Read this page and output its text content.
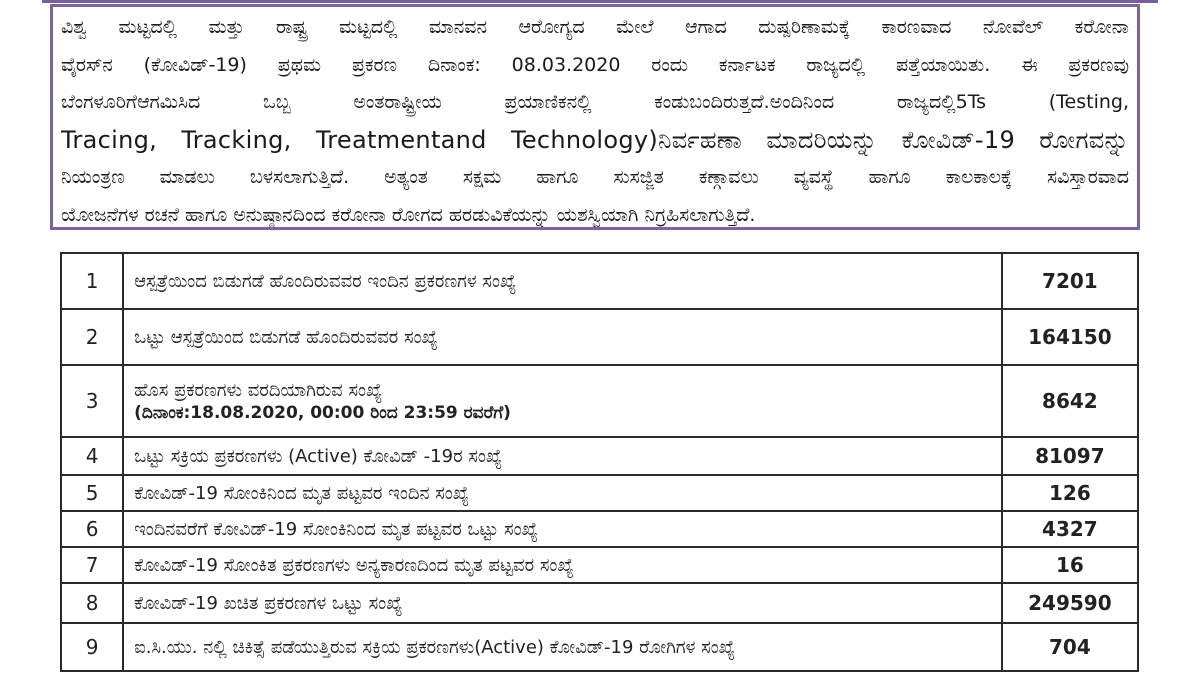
ವಿಶ್ವ ಮಟ್ಟದಲ್ಲಿ ಮತ್ತು ರಾಷ್ಟ್ರ ಮಟ್ಟದಲ್ಲಿ ಮಾನವನ ಆರೋಗ್ಯದ ಮೇಲೆ ಆಗಾದ ದುಷ್ಪರಿಣಾಮಕ್ಕೆ ಕಾರಣವಾದ ನೋವೆಲ್ ಕರೋನಾ
ವೈರಸ್‌ನ (ಕೋವಿಡ್-19) ಪ್ರಥಮ ಪ್ರಕರಣ ದಿನಾಂಕ: 08.03.2020 ರಂದು ಕರ್ನಾಟಕ ರಾಜ್ಯದಲ್ಲಿ ಪತ್ತೆಯಾಯಿತು. ಈ ಪ್ರಕರಣವು
ಬೆಂಗಳೂರಿಗೆಆಗಮಿಸಿದ ಒಬ್ಬ ಅಂತರಾಷ್ಟ್ರೀಯ ಪ್ರಯಾಣಿಕನಲ್ಲಿ ಕಂಡುಬಂದಿರುತ್ತದೆ.ಅಂದಿನಿಂದ ರಾಜ್ಯದಲ್ಲಿ5Ts (Testing,
Tracing, Tracking, Treatmentand Technology)ನಿರ್ವಹಣಾ ಮಾದರಿಯನ್ನು ಕೋವಿಡ್-19 ರೋಗವನ್ನು
ನಿಯಂತ್ರಣ ಮಾಡಲು ಬಳಸಲಾಗುತ್ತಿದೆ. ಅತ್ಯಂತ ಸಕ್ಷಮ ಹಾಗೂ ಸುಸಜ್ಜಿತ ಕಣ್ಗಾವಲು ವ್ಯವಸ್ಥೆ ಹಾಗೂ ಕಾಲಕಾಲಕ್ಕೆ ಸವಿಸ್ತಾರವಾದ
ಯೋಜನೆಗಳ ರಚನೆ ಹಾಗೂ ಅನುಷ್ಠಾನದಿಂದ ಕರೋನಾ ರೋಗದ ಹರಡುವಿಕೆಯನ್ನು ಯಶಸ್ವಿಯಾಗಿ ನಿಗ್ರಹಿಸಲಾಗುತ್ತಿದೆ.
1	ಆಸ್ಪತ್ರೆಯಿಂದ ಬಿಡುಗಡೆ ಹೊಂದಿರುವವರ ಇಂದಿನ ಪ್ರಕರಣಗಳ ಸಂಖ್ಯೆ	7201
2	ಒಟ್ಟು ಆಸ್ಪತ್ರೆಯಿಂದ ಬಿಡುಗಡೆ ಹೊಂದಿರುವವರ ಸಂಖ್ಯೆ	164150
3	ಹೊಸ ಪ್ರಕರಣಗಳು ವರದಿಯಾಗಿರುವ ಸಂಖ್ಯೆ
(ದಿನಾಂಕ:18.08.2020, 00:00 ರಿಂದ 23:59 ರವರೆಗೆ)	8642
4	ಒಟ್ಟು ಸಕ್ರಿಯ ಪ್ರಕರಣಗಳು (Active) ಕೋವಿಡ್ -19ರ ಸಂಖ್ಯೆ	81097
5	ಕೋವಿಡ್-19 ಸೋಂಕಿನಿಂದ ಮೃತ ಪಟ್ಟವರ ಇಂದಿನ ಸಂಖ್ಯೆ	126
6	ಇಂದಿನವರೆಗೆ ಕೋವಿಡ್-19 ಸೋಂಕಿನಿಂದ ಮೃತ ಪಟ್ಟವರ ಒಟ್ಟು ಸಂಖ್ಯೆ	4327
7	ಕೋವಿಡ್-19 ಸೋಂಕಿತ ಪ್ರಕರಣಗಳು ಅನ್ಯಕಾರಣದಿಂದ ಮೃತ ಪಟ್ಟವರ ಸಂಖ್ಯೆ	16
8	ಕೋವಿಡ್-19 ಖಚಿತ ಪ್ರಕರಣಗಳ ಒಟ್ಟು ಸಂಖ್ಯೆ	249590
9	ಐ.ಸಿ.ಯು. ನಲ್ಲಿ ಚಿಕಿತ್ಸೆ ಪಡೆಯುತ್ತಿರುವ ಸಕ್ರಿಯ ಪ್ರಕರಣಗಳು(Active) ಕೋವಿಡ್-19 ರೋಗಿಗಳ ಸಂಖ್ಯೆ	704
